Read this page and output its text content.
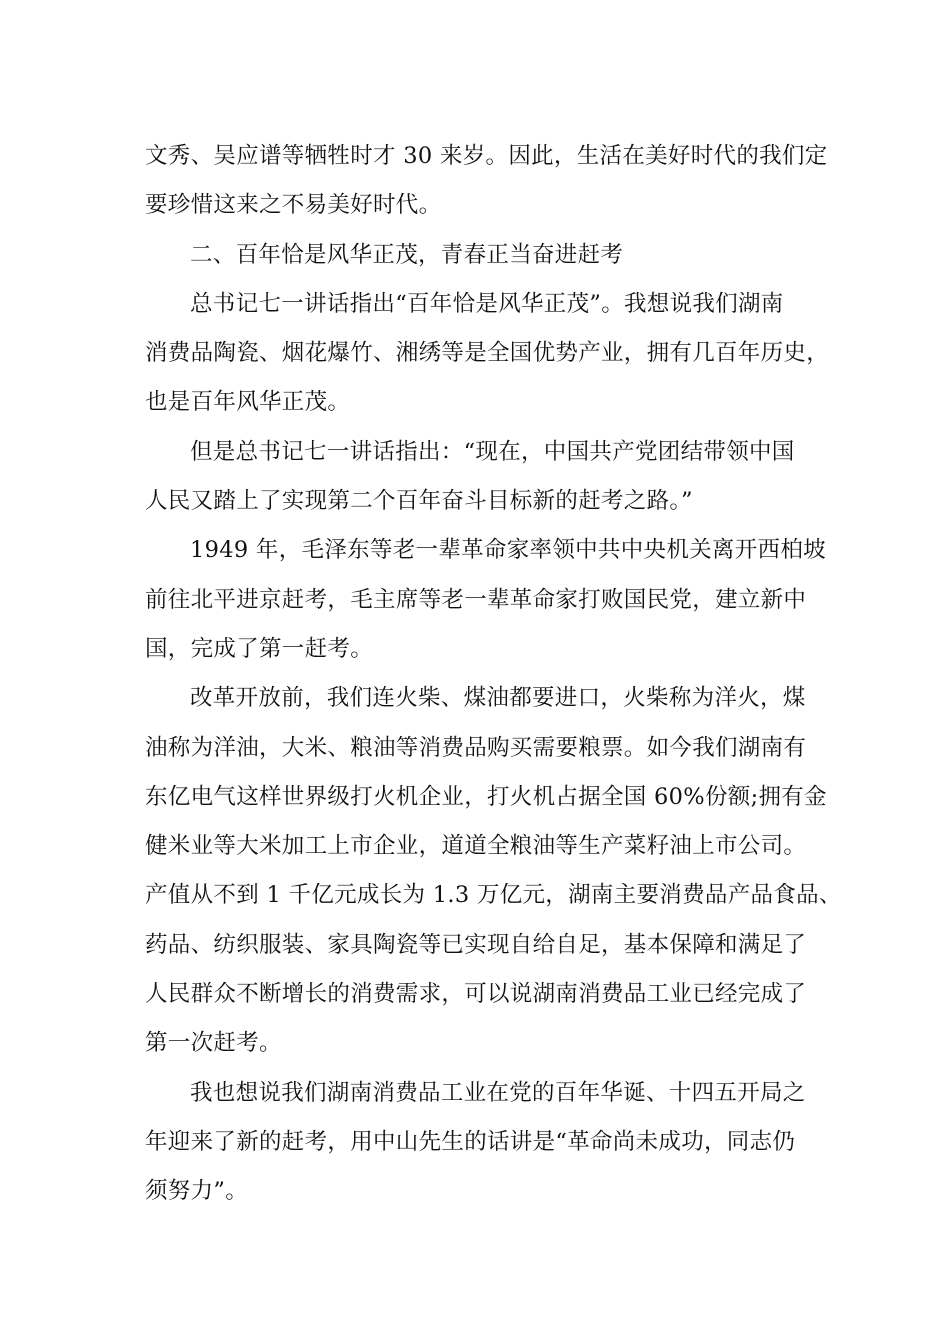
文秀、吴应谱等牺牲时才 30 来岁。因此，生活在美好时代的我们定
要珍惜这来之不易美好时代。

二、百年恰是风华正茂，青春正当奋进赶考

总书记七一讲话指出“百年恰是风华正茂”。我想说我们湖南
消费品陶瓷、烟花爆竹、湘绣等是全国优势产业，拥有几百年历史，
也是百年风华正茂。

但是总书记七一讲话指出：“现在，中国共产党团结带领中国
人民又踏上了实现第二个百年奋斗目标新的赶考之路。”

1949 年，毛泽东等老一辈革命家率领中共中央机关离开西柏坡
前往北平进京赶考，毛主席等老一辈革命家打败国民党，建立新中
国，完成了第一赶考。

改革开放前，我们连火柴、煤油都要进口，火柴称为洋火，煤
油称为洋油，大米、粮油等消费品购买需要粮票。如今我们湖南有
东亿电气这样世界级打火机企业，打火机占据全国 60%份额;拥有金
健米业等大米加工上市企业，道道全粮油等生产菜籽油上市公司。
产值从不到 1 千亿元成长为 1.3 万亿元，湖南主要消费品产品食品、
药品、纺织服装、家具陶瓷等已实现自给自足，基本保障和满足了
人民群众不断增长的消费需求，可以说湖南消费品工业已经完成了
第一次赶考。

我也想说我们湖南消费品工业在党的百年华诞、十四五开局之
年迎来了新的赶考，用中山先生的话讲是“革命尚未成功，同志仍
须努力”。
